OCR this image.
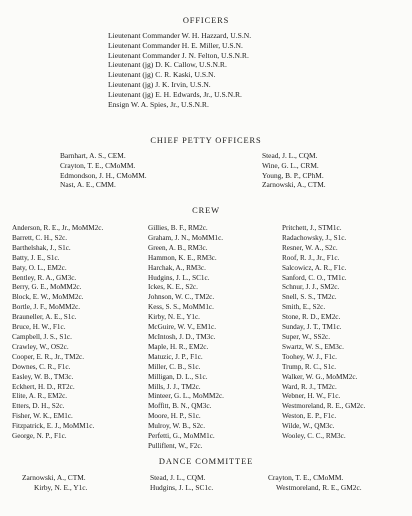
OFFICERS
Lieutenant Commander W. H. Hazzard, U.S.N.
Lieutenant Commander H. E. Miller, U.S.N.
Lieutenant Commander J. N. Felton, U.S.N.R.
Lieutenant (jg) D. K. Callow, U.S.N.R.
Lieutenant (jg) C. R. Kaski, U.S.N.
Lieutenant (jg) J. K. Irvin, U.S.N.
Lieutenant (jg) E. H. Edwards, Jr., U.S.N.R.
Ensign W. A. Spies, Jr., U.S.N.R.
CHIEF PETTY OFFICERS
Barnhart, A. S., CEM.
Crayton, T. E., CMoMM.
Edmondson, J. H., CMoMM.
Nast, A. E., CMM.
Stead, J. L., CQM.
Wine, G. L., CRM.
Young, B. P., CPhM.
Zarnowski, A., CTM.
CREW
Anderson, R. E., Jr., MoMM2c.
Barrett, C. H., S2c.
Barthelshak, J., S1c.
Batty, J. E., S1c.
Baty, O. L., EM2c.
Bentley, R. A., GM3c.
Berry, G. E., MoMM2c.
Block, E. W., MoMM2c.
Bortle, J. F., MoMM2c.
Brauneller, A. E., S1c.
Bruce, H. W., F1c.
Campbell, J. S., S1c.
Crawley, W., OS2c.
Cooper, E. R., Jr., TM2c.
Downes, C. R., F1c.
Easley, W. B., TM3c.
Eckhert, H. D., RT2c.
Elite, A. R., EM2c.
Etters, D. H., S2c.
Fisher, W. K., EM1c.
Fitzpatrick, E. J., MoMM1c.
George, N. P., F1c.
Gillies, B. F., RM2c.
Graham, J. N., MoMM1c.
Green, A. B., RM3c.
Hammon, K. E., RM3c.
Harchak, A., RM3c.
Hudgins, J. L., SC1c.
Ickes, K. E., S2c.
Johnson, W. C., TM2c.
Kess, S. S., MoMM1c.
Kirby, N. E., Y1c.
McGuire, W. V., EM1c.
McIntosh, J. D., TM3c.
Maple, H. R., EM2c.
Matuzic, J. P., F1c.
Miller, C. B., S1c.
Milligan, D. L., S1c.
Mills, J. J., TM2c.
Minteer, G. L., MoMM2c.
Moffitt, B. N., QM3c.
Moore, H. P., S1c.
Mulroy, W. B., S2c.
Perfetti, G., MoMM1c.
Pulliflent, W., F2c.
Pritchett, J., STM1c.
Radachowsky, J., S1c.
Resner, W. A., S2c.
Roof, R. J., Jr., F1c.
Salcowicz, A. R., F1c.
Sanford, C. O., TM1c.
Schnur, J. J., SM2c.
Snell, S. S., TM2c.
Smith, E., S2c.
Stone, R. D., EM2c.
Sunday, J. T., TM1c.
Super, W., SS2c.
Swartz, W. S., EM3c.
Toohey, W. J., F1c.
Trump, R. C., S1c.
Walker, W. G., MoMM2c.
Ward, R. J., TM2c.
Webner, H. W., F1c.
Westmoreland, R. E., GM2c.
Weston, E. P., F1c.
Wilde, W., QM3c.
Wooley, C. C., RM3c.
DANCE COMMITTEE
Zarnowski, A., CTM.
Kirby, N. E., Y1c.
Stead, J. L., CQM.
Hudgins, J. L., SC1c.
Crayton, T. E., CMoMM.
Westmoreland, R. E., GM2c.
